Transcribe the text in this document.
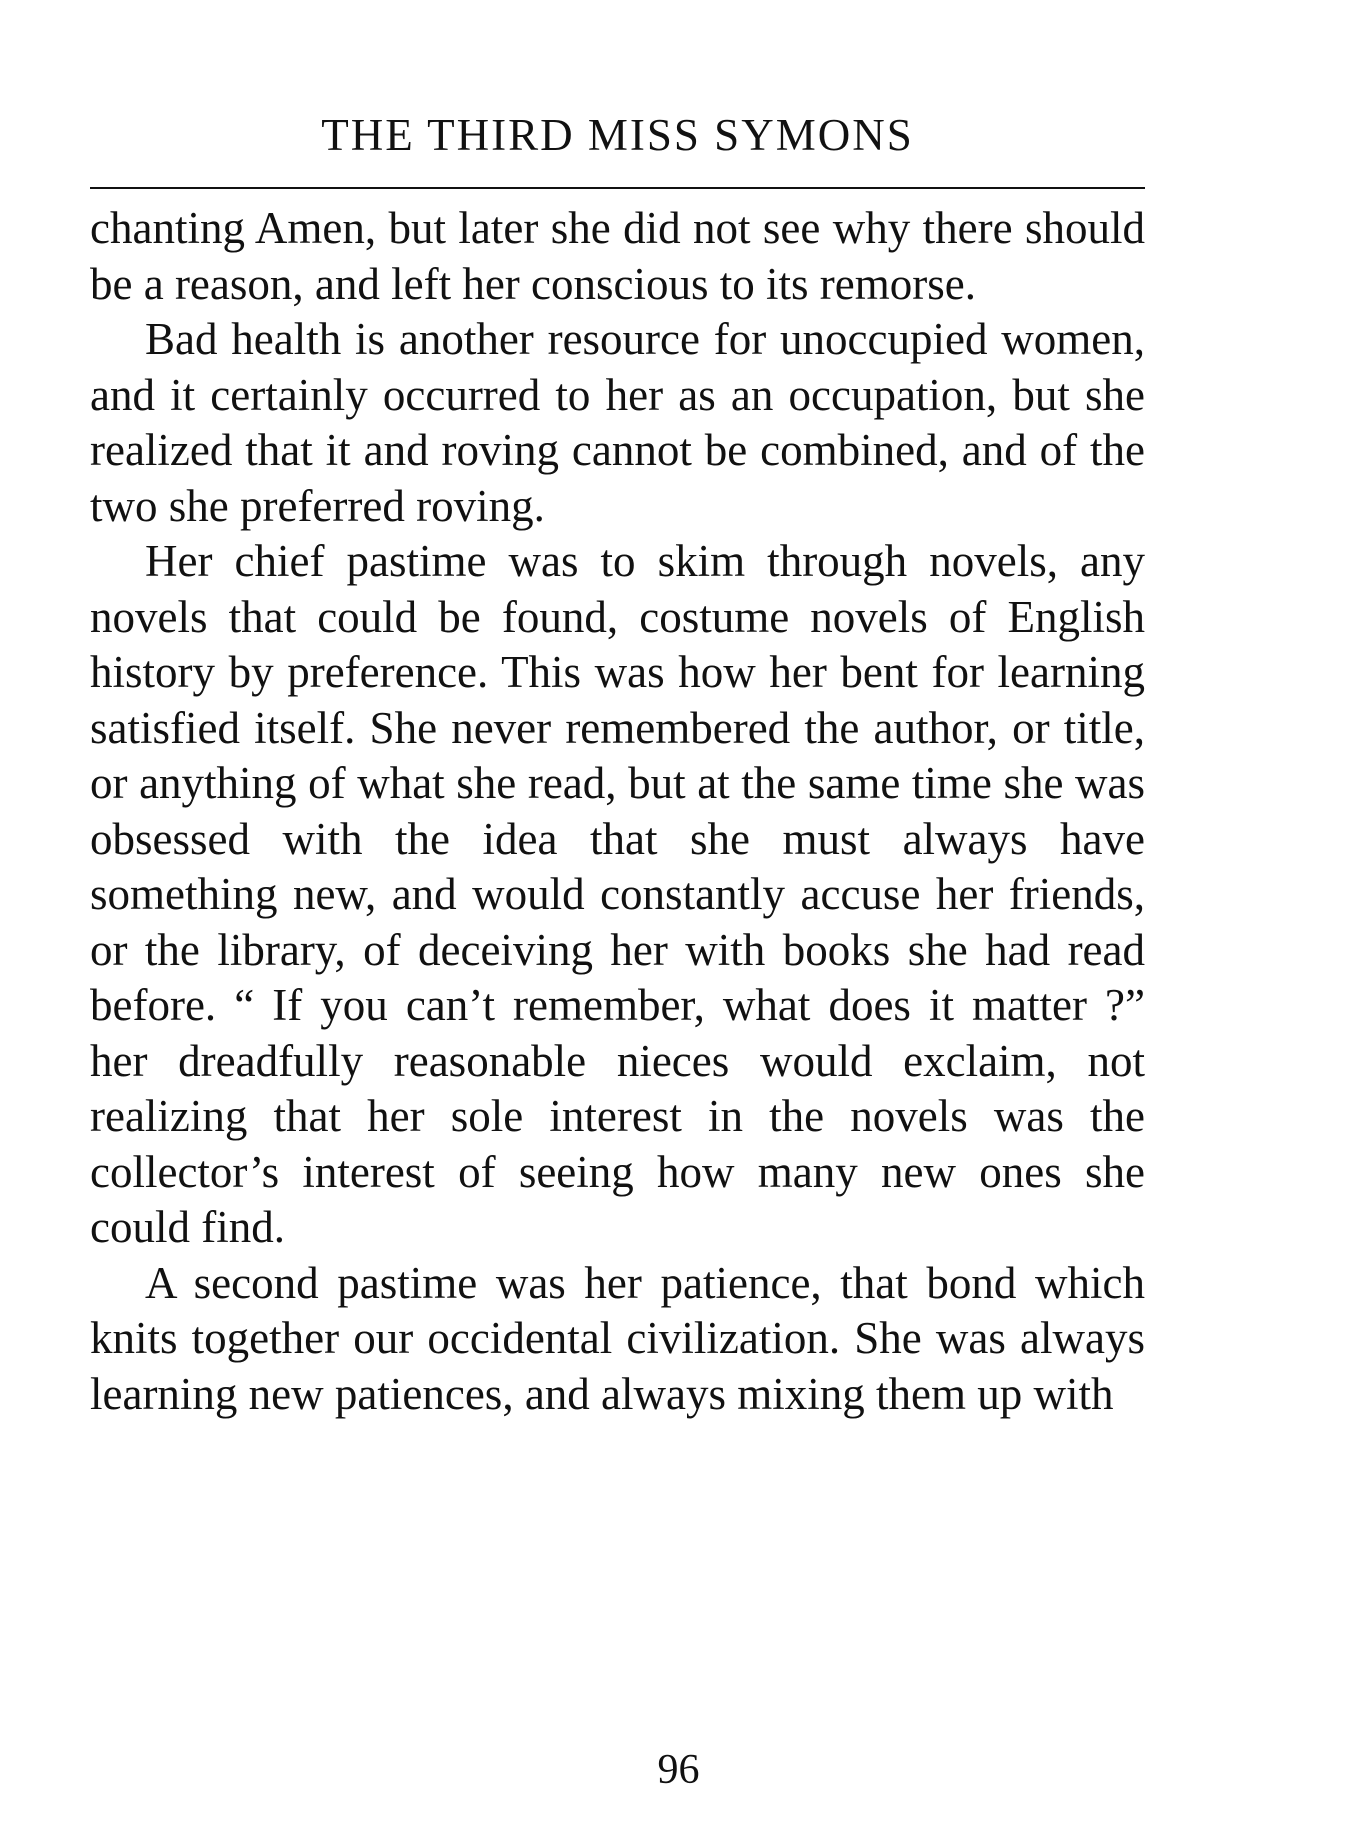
THE THIRD MISS SYMONS

chanting Amen, but later she did not see why there should be a reason, and left her conscious to its remorse.

Bad health is another resource for unoccupied women, and it certainly occurred to her as an occupation, but she realized that it and roving cannot be combined, and of the two she preferred roving.

Her chief pastime was to skim through novels, any novels that could be found, costume novels of English history by preference. This was how her bent for learning satisfied itself. She never remembered the author, or title, or anything of what she read, but at the same time she was obsessed with the idea that she must always have something new, and would constantly accuse her friends, or the library, of deceiving her with books she had read before. “ If you can’t remember, what does it matter ?” her dreadfully reasonable nieces would exclaim, not realizing that her sole interest in the novels was the collector’s interest of seeing how many new ones she could find.

A second pastime was her patience, that bond which knits together our occidental civilization. She was always learning new patiences, and always mixing them up with

96
